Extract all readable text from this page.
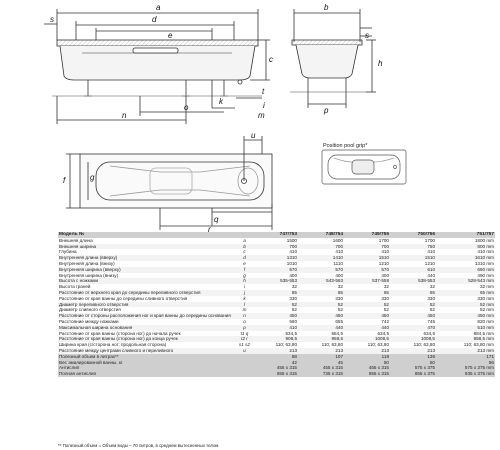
s
a
d
e
c
t
n
o
k	i
m
b
s
h
p
u
f	g
q
r
Position pool grip*
Модель №		747/753	748/754	749/755	750/756	751/757
Внешняя длина	a	1500	1600	1700	1700	1800 mm
Внешняя ширина	b	700	700	700	750	800 mm
Глубина	c	410	410	410	410	410 mm
Внутренняя длина (вверху)	d	1310	1410	1510	1510	1610 mm
Внутренняя длина (внизу)	e	1010	1110	1210	1210	1310 mm
Внутренняя ширина (вверху)	f	570	570	570	610	660 mm
Внутренняя ширина (внизу)	g	400	400	400	440	490 mm
Высота с ножками	h	535-553	543-563	537-558	538-553	528-543 mm
Высота граней	i	32	32	32	32	32 mm
Расстояние от верхнего края до середины переливного отверстия	j	65	65	65	65	65 mm
Расстояние от края ванны до середины сливного отверстия	k	330	330	330	330	330 mm
Диаметр переливного отверстия	l	52	52	52	52	52 mm
Диаметр сливного отверстия	m	52	52	52	52	52 mm
Расстояние от стороны расположения ног и края ванны до середины основания	n	450	450	450	450	450 mm
Расстояние между ножками	o	560	655	742	745	820 mm
Максимальная ширина основания	p	410	440	440	470	510 mm
Расстояние от края ванны (сторона ног) до начала ручек	t1 q	534,5	584,5	634,5	634,5	684,5 mm
Расстояние от края ванны (сторона ног) до конца ручек	t2 r	908,5	958,5	1008,5	1008,5	958,5 mm
Ширина края (с/сторона ног; продольная сторона)	s1 s2	110; 63,80	110; 63,80	110; 63,80	110; 63,80	110; 63,80 mm
Расстояние между центрами сливного и переливного	u	213	213	213	213	213 mm
Полезный объем в литрах**		88	107	118	136	171
Вес эмалированной ванны, кг		42	45	50	50	56
Антислип		455 x 315	455 x 315	455 x 315	575 x 375	575 x 375 mm
Полная антислип		655 x 315	735 x 315	855 x 315	855 x 375	935 x 375 mm
** Полезный объем = Объем воды – 70 литров, в среднем вытесненных телом
